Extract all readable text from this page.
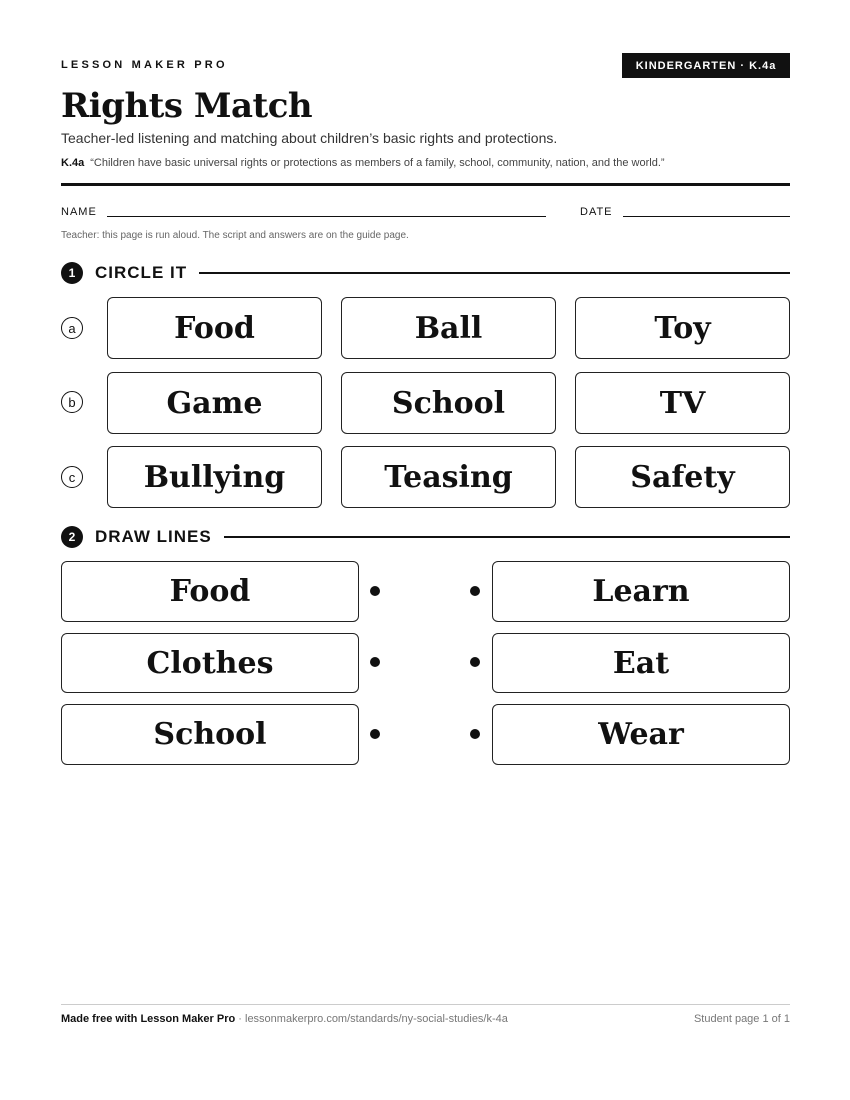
LESSON MAKER PRO	KINDERGARTEN · K.4a
Rights Match
Teacher-led listening and matching about children’s basic rights and protections.
K.4a “Children have basic universal rights or protections as members of a family, school, community, nation, and the world.”
NAME	DATE
Teacher: this page is run aloud. The script and answers are on the guide page.
1	CIRCLE IT
a	Food	Ball	Toy
b	Game	School	TV
c	Bullying	Teasing	Safety
2	DRAW LINES
Food	Learn
Clothes	Eat
School	Wear
Made free with Lesson Maker Pro · lessonmakerpro.com/standards/ny-social-studies/k-4a	Student page 1 of 1
